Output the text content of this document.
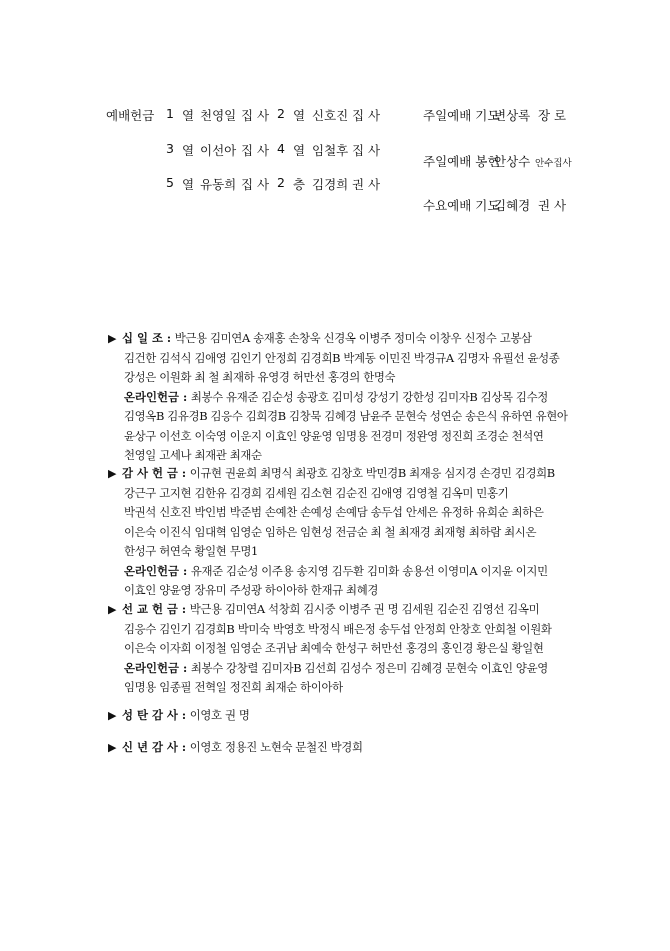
예배헌금 1 열 천영일 집 사 2 열 신호진 집 사
3 열 이선아 집 사 4 열 임철후 집 사
5 열 유동희 집 사 2 층 김경희 권 사
주일예배 기도
변상록 장 로
주일예배 봉헌
안상수 안수집사
수요예배 기도
김혜경 권 사
▶ 십 일 조 : 박근용 김미연A 송재홍 손창욱 신경옥 이병주 정미숙 이창우 신정수 고봉삼
김건한 김석식 김애영 김인기 안정희 김경희B 박계동 이민진 박경규A 김명자 유필선 윤성종
강성은 이원화 최 철 최재하 유영경 허만선 홍경의 한명숙
온라인헌금 : 최봉수 유재준 김순성 송광호 김미성 강성기 강한성 김미자B 김상목 김수정
김영옥B 김유경B 김응수 김희경B 김창묵 김혜경 남윤주 문현숙 성연순 송은식 유하연 유현아
윤상구 이선호 이숙영 이운지 이효인 양윤영 임명용 전경미 정완영 정진희 조경순 천석연
천영일 고세나 최재관 최재순
▶ 감 사 헌 금 : 이규현 권윤희 최명식 최광호 김창호 박민경B 최재응 심지경 손경민 김경희B
강근구 고지현 김한유 김경희 김세원 김소현 김순진 김애영 김영철 김옥미 민홍기
박권석 신호진 박인범 박준범 손예찬 손예성 손예담 송두섭 안세은 유정하 유희순 최하은
이은숙 이진식 임대혁 임영순 임하은 임현성 전금순 최 철 최재경 최재형 최하람 최시온
한성구 허연숙 황일현 무명1
온라인헌금 : 유재준 김순성 이주용 송지영 김두환 김미화 송용선 이영미A 이지윤 이지민
이효인 양윤영 장유미 주성광 하이아하 한재규 최혜경
▶ 선 교 헌 금 : 박근용 김미연A 석창희 김시중 이병주 권 명 김세원 김순진 김영선 김옥미
김응수 김인기 김경희B 박미숙 박영호 박정식 배은정 송두섭 안정희 안창호 안희철 이원화
이은숙 이자희 이정철 임영순 조귀남 최예숙 한성구 허만선 홍경의 홍인경 황은실 황일현
온라인헌금 : 최봉수 강창렬 김미자B 김선희 김성수 정은미 김혜경 문현숙 이효인 양윤영
임명용 임종필 전혁일 정진희 최재순 하이아하
▶ 성 탄 감 사 : 이영호 권 명
▶ 신 년 감 사 : 이영호 정용진 노현숙 문철진 박경희
